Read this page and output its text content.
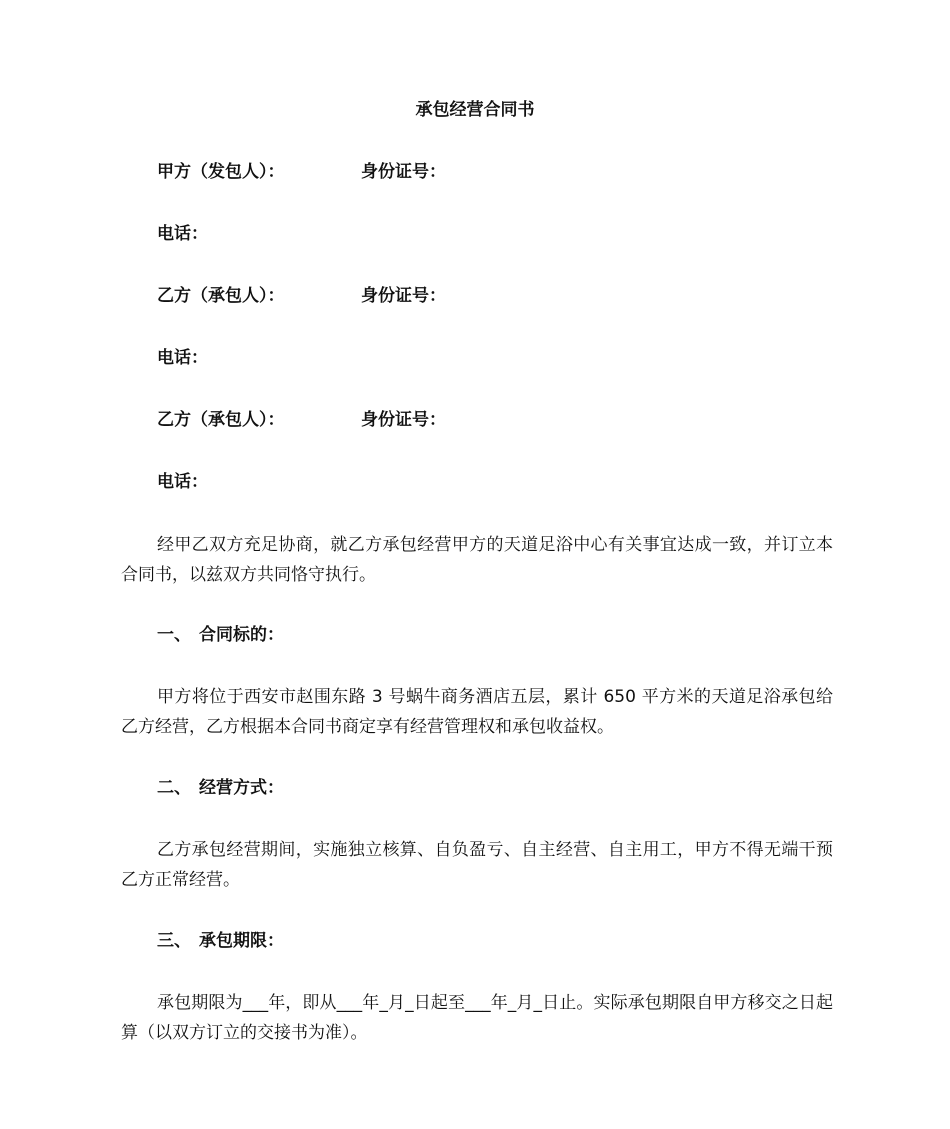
承包经营合同书
甲方（发包人）：	身份证号：
电话：
乙方（承包人）：	身份证号：
电话：
乙方（承包人）：	身份证号：
电话：
经甲乙双方充足协商，就乙方承包经营甲方的天道足浴中心有关事宜达成一致，并订立本合同书，以兹双方共同恪守执行。
一、 合同标的：
甲方将位于西安市赵围东路 3 号蜗牛商务酒店五层，累计 650 平方米的天道足浴承包给乙方经营，乙方根据本合同书商定享有经营管理权和承包收益权。
二、 经营方式：
乙方承包经营期间，实施独立核算、自负盈亏、自主经营、自主用工，甲方不得无端干预乙方正常经营。
三、 承包期限：
承包期限为___年，即从___年_月_日起至___年_月_日止。实际承包期限自甲方移交之日起算（以双方订立的交接书为准）。
